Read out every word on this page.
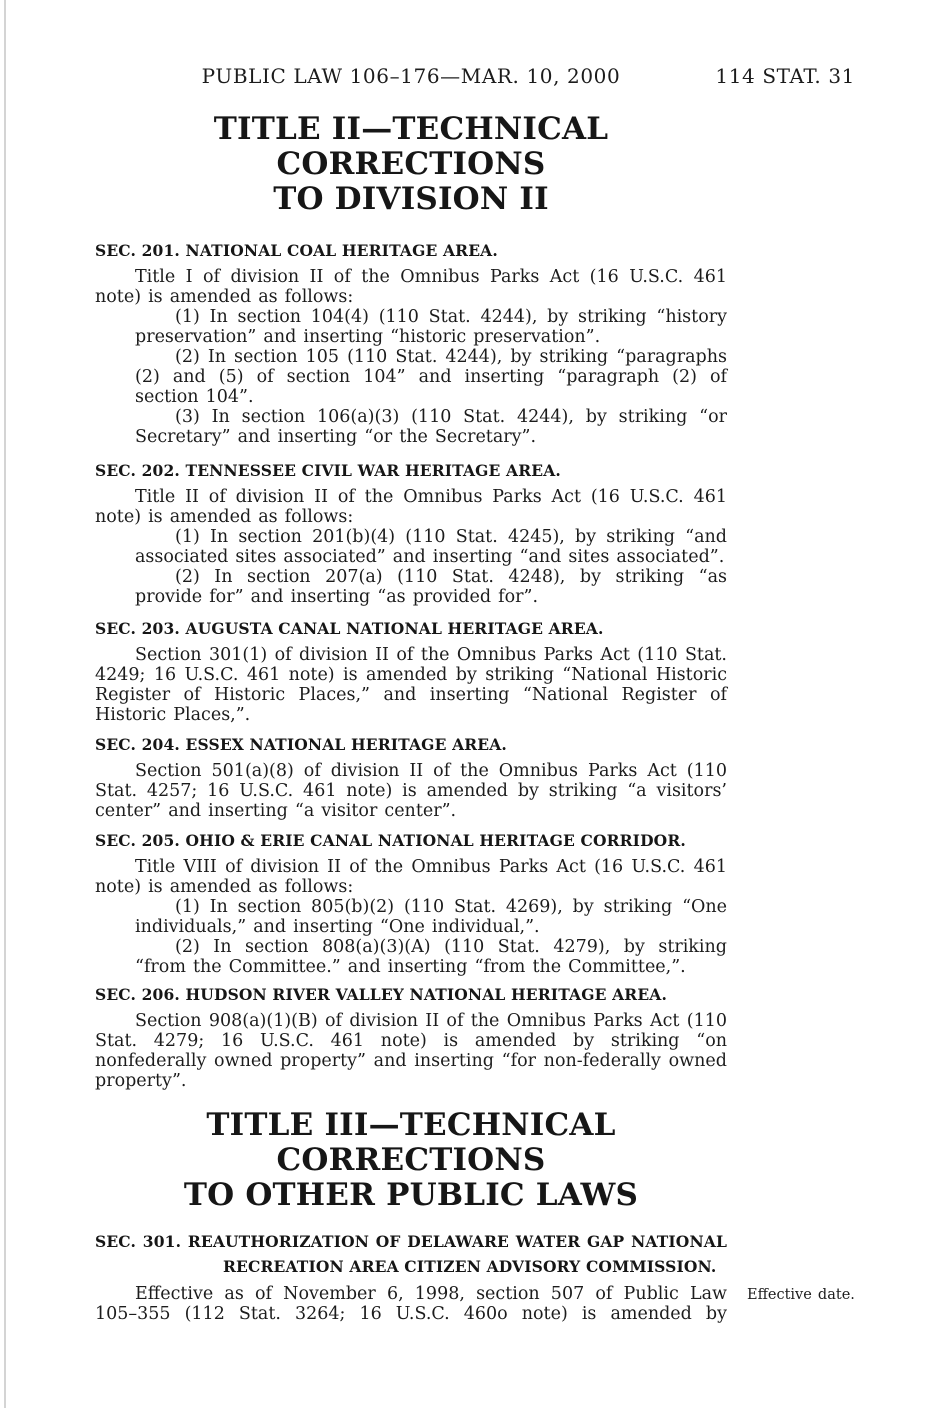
PUBLIC LAW 106–176—MAR. 10, 2000	114 STAT. 31
TITLE II—TECHNICAL CORRECTIONS
TO DIVISION II
SEC. 201. NATIONAL COAL HERITAGE AREA.

Title I of division II of the Omnibus Parks Act (16 U.S.C. 461 note) is amended as follows:

(1) In section 104(4) (110 Stat. 4244), by striking “history preservation” and inserting “historic preservation”.

(2) In section 105 (110 Stat. 4244), by striking “paragraphs (2) and (5) of section 104” and inserting “paragraph (2) of section 104”.

(3) In section 106(a)(3) (110 Stat. 4244), by striking “or Secretary” and inserting “or the Secretary”.

SEC. 202. TENNESSEE CIVIL WAR HERITAGE AREA.

Title II of division II of the Omnibus Parks Act (16 U.S.C. 461 note) is amended as follows:

(1) In section 201(b)(4) (110 Stat. 4245), by striking “and associated sites associated” and inserting “and sites associated”.

(2) In section 207(a) (110 Stat. 4248), by striking “as provide for” and inserting “as provided for”.

SEC. 203. AUGUSTA CANAL NATIONAL HERITAGE AREA.

Section 301(1) of division II of the Omnibus Parks Act (110 Stat. 4249; 16 U.S.C. 461 note) is amended by striking “National Historic Register of Historic Places,” and inserting “National Register of Historic Places,”.

SEC. 204. ESSEX NATIONAL HERITAGE AREA.

Section 501(a)(8) of division II of the Omnibus Parks Act (110 Stat. 4257; 16 U.S.C. 461 note) is amended by striking “a visitors’ center” and inserting “a visitor center”.

SEC. 205. OHIO & ERIE CANAL NATIONAL HERITAGE CORRIDOR.

Title VIII of division II of the Omnibus Parks Act (16 U.S.C. 461 note) is amended as follows:

(1) In section 805(b)(2) (110 Stat. 4269), by striking “One individuals,” and inserting “One individual,”.

(2) In section 808(a)(3)(A) (110 Stat. 4279), by striking “from the Committee.” and inserting “from the Committee,”.

SEC. 206. HUDSON RIVER VALLEY NATIONAL HERITAGE AREA.

Section 908(a)(1)(B) of division II of the Omnibus Parks Act (110 Stat. 4279; 16 U.S.C. 461 note) is amended by striking “on nonfederally owned property” and inserting “for non-federally owned property”.

TITLE III—TECHNICAL CORRECTIONS
TO OTHER PUBLIC LAWS
SEC. 301. REAUTHORIZATION OF DELAWARE WATER GAP NATIONAL
RECREATION AREA CITIZEN ADVISORY COMMISSION.

Effective as of November 6, 1998, section 507 of Public Law 105–355 (112 Stat. 3264; 16 U.S.C. 460o note) is amended by
Effective date.
